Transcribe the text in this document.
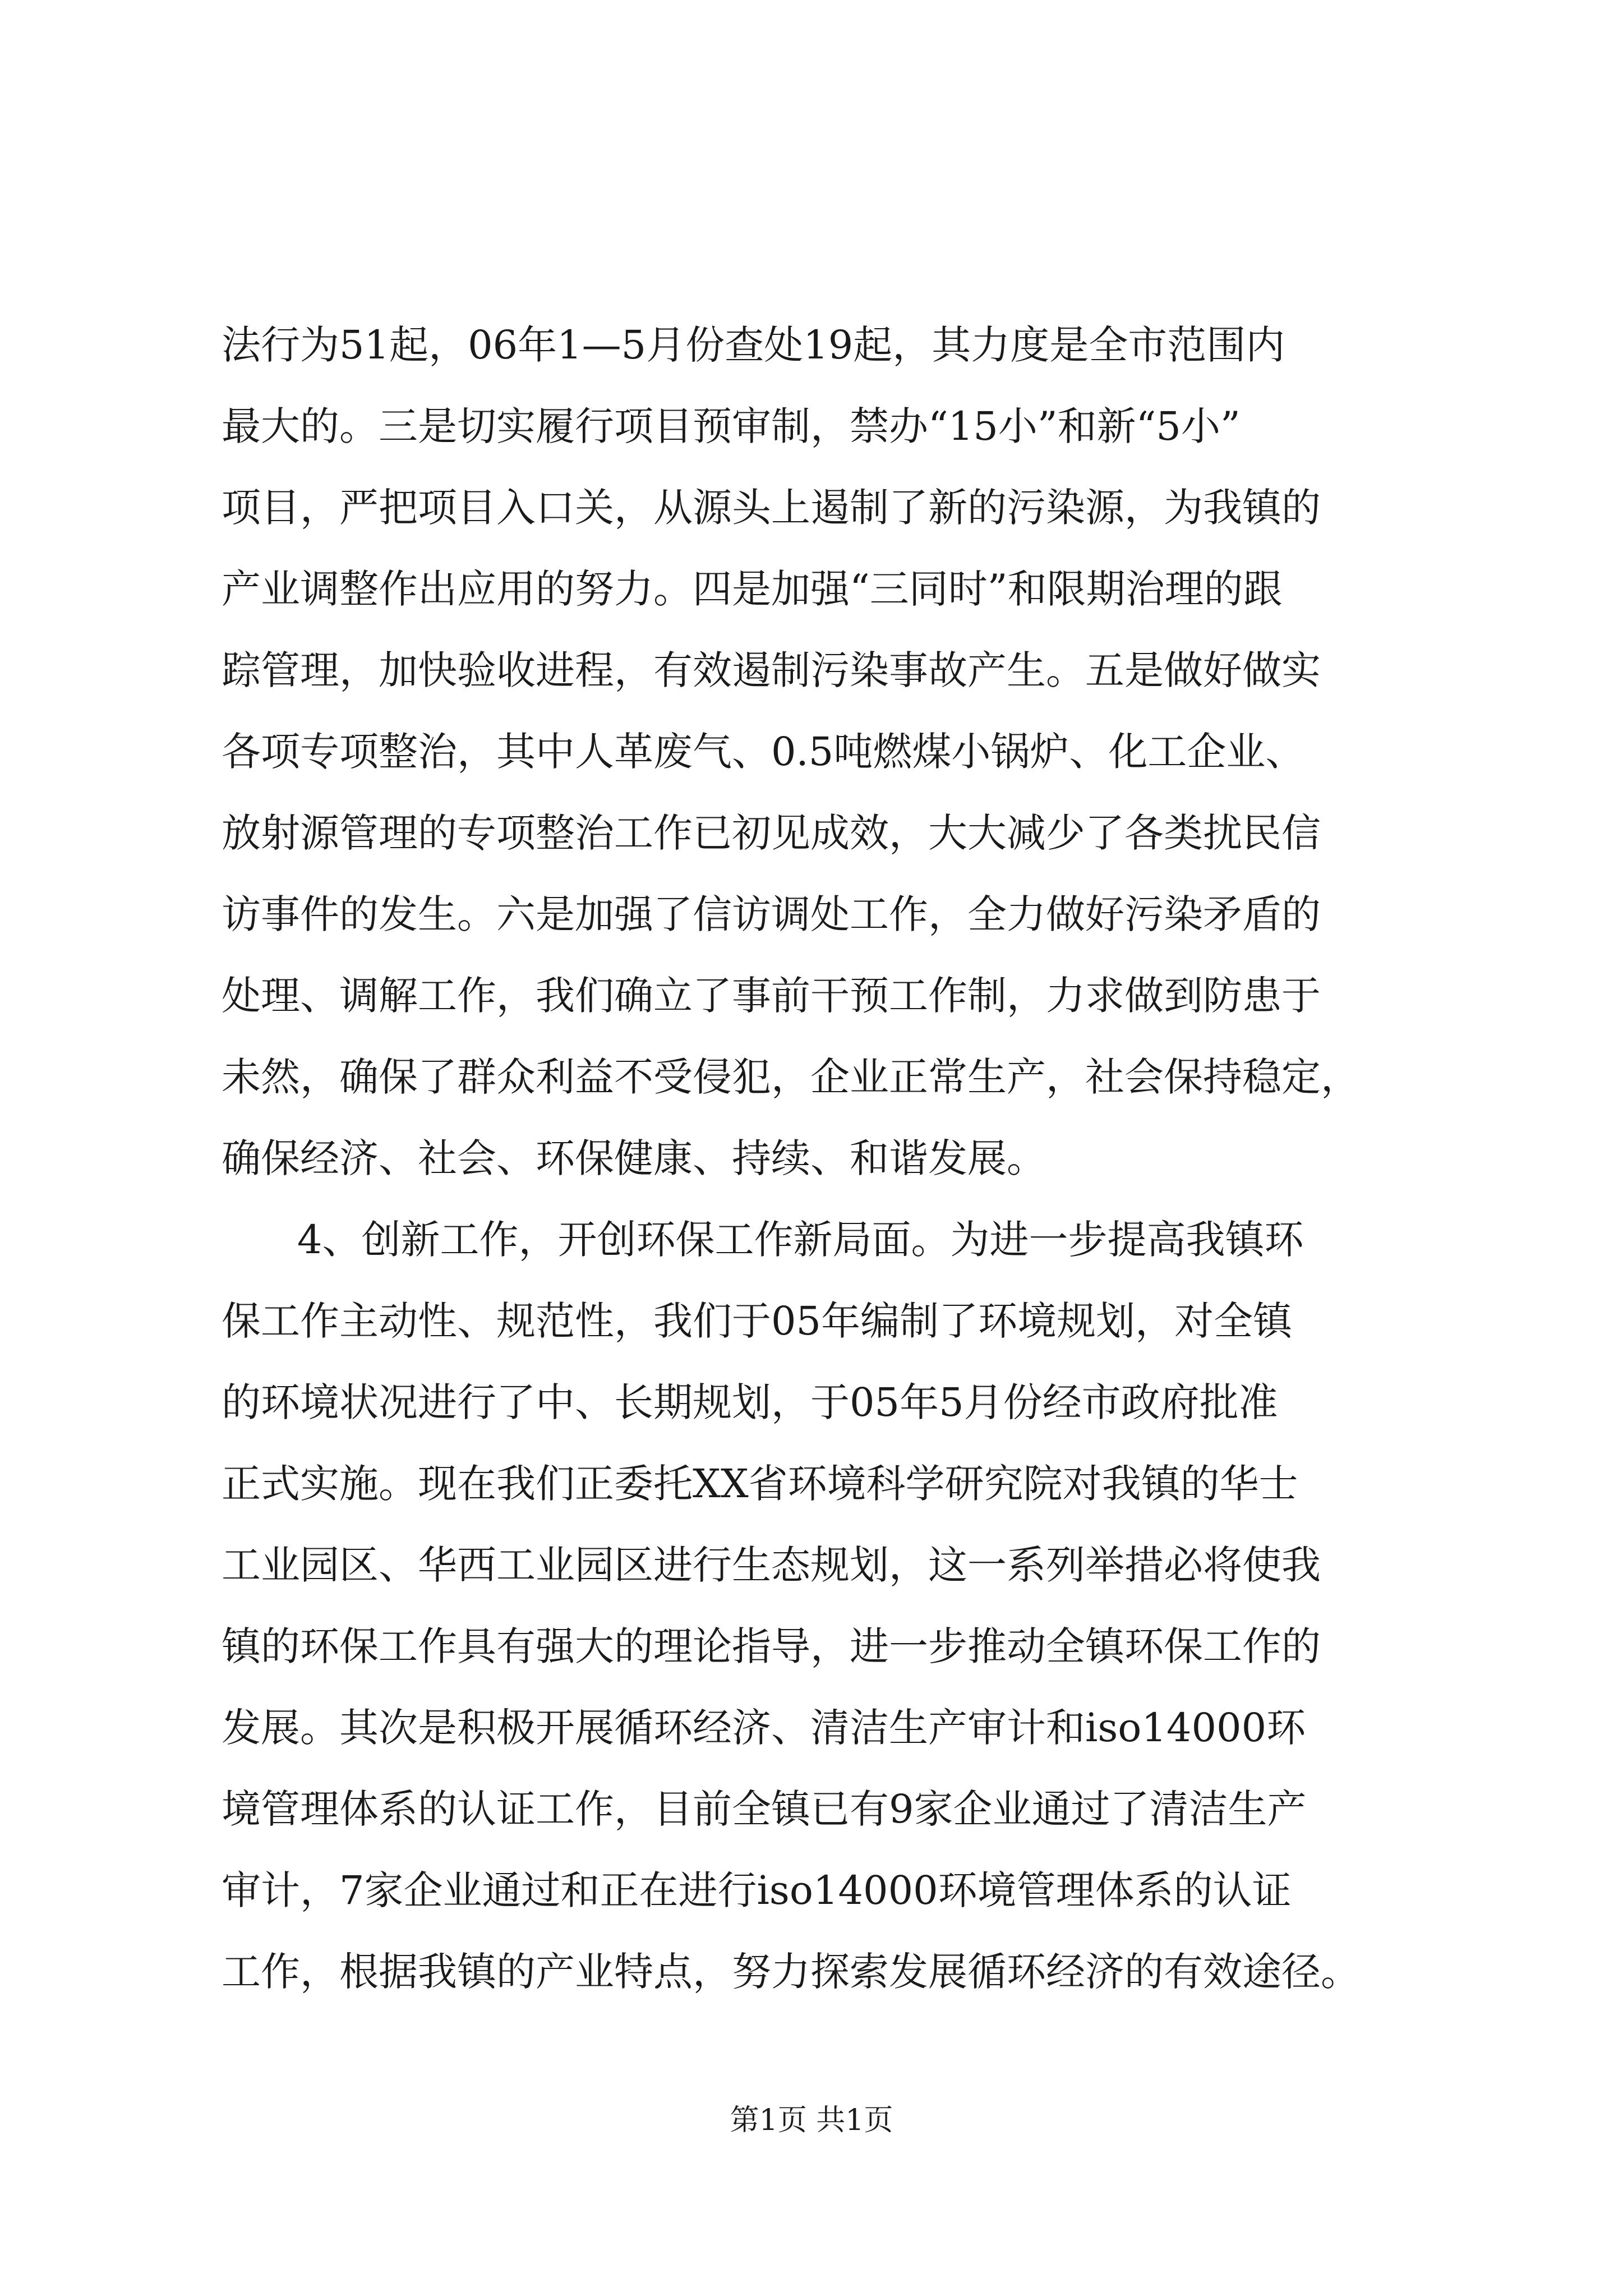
法行为51起，06年1—5月份查处19起，其力度是全市范围内
最大的。三是切实履行项目预审制，禁办“15小”和新“5小”
项目，严把项目入口关，从源头上遏制了新的污染源，为我镇的
产业调整作出应用的努力。四是加强“三同时”和限期治理的跟
踪管理，加快验收进程，有效遏制污染事故产生。五是做好做实
各项专项整治，其中人革废气、0.5吨燃煤小锅炉、化工企业、
放射源管理的专项整治工作已初见成效，大大减少了各类扰民信
访事件的发生。六是加强了信访调处工作，全力做好污染矛盾的
处理、调解工作，我们确立了事前干预工作制，力求做到防患于
未然，确保了群众利益不受侵犯，企业正常生产，社会保持稳定，
确保经济、社会、环保健康、持续、和谐发展。
4、创新工作，开创环保工作新局面。为进一步提高我镇环
保工作主动性、规范性，我们于05年编制了环境规划，对全镇
的环境状况进行了中、长期规划，于05年5月份经市政府批准
正式实施。现在我们正委托XX省环境科学研究院对我镇的华士
工业园区、华西工业园区进行生态规划，这一系列举措必将使我
镇的环保工作具有强大的理论指导，进一步推动全镇环保工作的
发展。其次是积极开展循环经济、清洁生产审计和iso14000环
境管理体系的认证工作，目前全镇已有9家企业通过了清洁生产
审计，7家企业通过和正在进行iso14000环境管理体系的认证
工作，根据我镇的产业特点，努力探索发展循环经济的有效途径。
第1页 共1页
